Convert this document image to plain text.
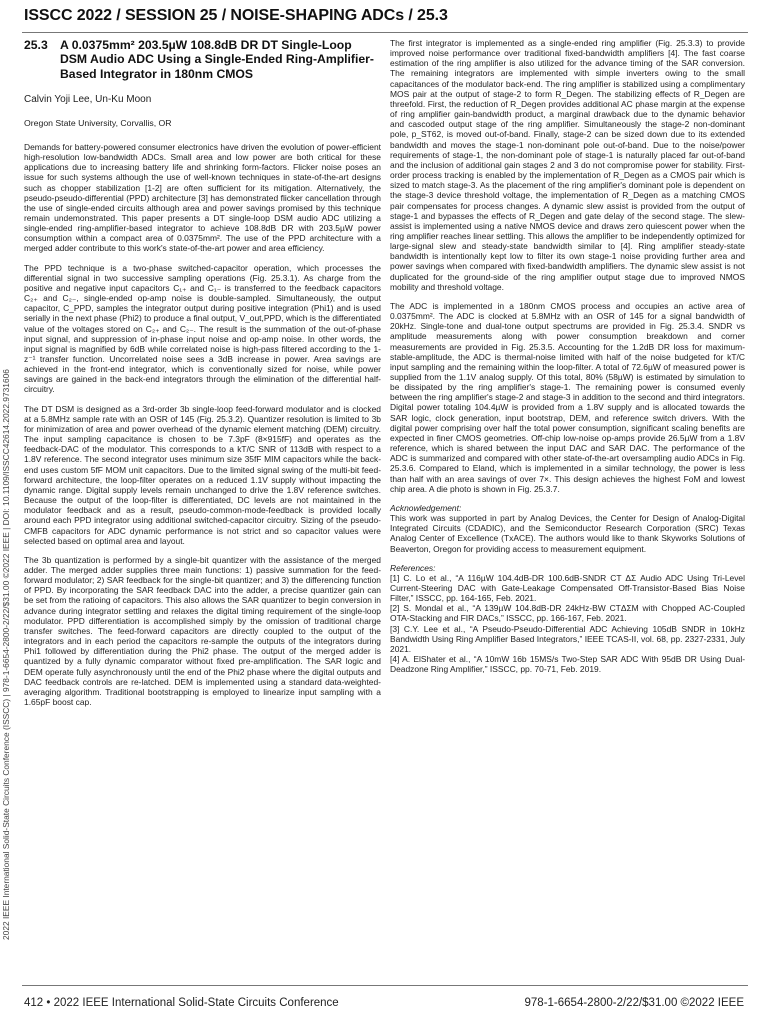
ISSCC 2022 / SESSION 25 / NOISE-SHAPING ADCs / 25.3
2022 IEEE International Solid-State Circuits Conference (ISSCC) | 978-1-6654-2800-2/22/$31.00 ©2022 IEEE | DOI: 10.1109/ISSCC42614.2022.9731606
25.3	A 0.0375mm² 203.5µW 108.8dB DR DT Single-Loop DSM Audio ADC Using a Single-Ended Ring-Amplifier-Based Integrator in 180nm CMOS
Calvin Yoji Lee, Un-Ku Moon
Oregon State University, Corvallis, OR

Demands for battery-powered consumer electronics have driven the evolution of power-efficient high-resolution low-bandwidth ADCs. Small area and low power are both critical for these applications due to increasing battery life and shrinking form-factors. Flicker noise poses an issue for such systems although the use of well-known techniques in state-of-the-art designs such as chopper stabilization [1-2] are often sufficient for its mitigation. Alternatively, the pseudo-pseudo-differential (PPD) architecture [3] has demonstrated flicker cancellation through the use of single-ended circuits although area and power savings promised by this technique remain undemonstrated. This paper presents a DT single-loop DSM audio ADC utilizing a single-ended ring-amplifier-based integrator to achieve 108.8dB DR with 203.5µW power consumption within a compact area of 0.0375mm². The use of the PPD architecture with a merged adder contribute to this work's state-of-the-art power and area efficiency.

The PPD technique is a two-phase switched-capacitor operation, which processes the differential signal in two successive sampling operations (Fig. 25.3.1). As charge from the positive and negative input capacitors C₁₊ and C₁₋ is transferred to the feedback capacitors C₂₊ and C₂₋, single-ended op-amp noise is double-sampled. Simultaneously, the output capacitor, C_PPD, samples the integrator output during positive integration (Phi1) and is used serially in the next phase (Phi2) to produce a final output, V_out,PPD, which is the differentiated value of the voltages stored on C₂₊ and C₂₋. The result is the summation of the out-of-phase input signal, and suppression of in-phase input noise and op-amp noise. In other words, the input signal is magnified by 6dB while correlated noise is high-pass filtered according to the 1-z⁻¹ transfer function. Uncorrelated noise sees a 3dB increase in power. Area savings are achieved in the front-end integrator, which is conventionally sized for noise, while power savings are gained in the back-end integrators through the elimination of the differential half-circuitry.

The DT DSM is designed as a 3rd-order 3b single-loop feed-forward modulator and is clocked at a 5.8MHz sample rate with an OSR of 145 (Fig. 25.3.2). Quantizer resolution is limited to 3b for minimization of area and power overhead of the dynamic element matching (DEM) circuitry. The input sampling capacitance is chosen to be 7.3pF (8×915fF) and operates as the feedback-DAC of the modulator. This corresponds to a kT/C SNR of 113dB with respect to a 1.8V reference. The second integrator uses minimum size 35fF MIM capacitors while the back-end uses custom 5fF MOM unit capacitors. Due to the limited signal swing of the multi-bit feed-forward architecture, the loop-filter operates on a reduced 1.1V supply without impacting the dynamic range. Digital supply levels remain unchanged to drive the 1.8V reference switches. Because the output of the loop-filter is differentiated, DC levels are not maintained in the modulator feedback and as a result, pseudo-common-mode-feedback is provided locally around each PPD integrator using additional switched-capacitor circuitry. Sizing of the pseudo-CMFB capacitors for ADC dynamic performance is not strict and so capacitor values were selected based on optimal area and layout.

The 3b quantization is performed by a single-bit quantizer with the assistance of the merged adder. The merged adder supplies three main functions: 1) passive summation for the feed-forward modulator; 2) SAR feedback for the single-bit quantizer; and 3) the differencing function of PPD. By incorporating the SAR feedback DAC into the adder, a precise quantizer gain can be set from the ratioing of capacitors. This also allows the SAR quantizer to begin conversion in advance during integrator settling and relaxes the digital timing requirement of the single-loop modulator. PPD differentiation is accomplished simply by the omission of traditional charge transfer switches. The feed-forward capacitors are directly coupled to the output of the integrators and in each period the capacitors re-sample the outputs of the integrators during Phi1 followed by differentiation during the Phi2 phase. The output of the merged adder is quantized by a fully dynamic comparator without fixed pre-amplification. The SAR logic and DEM operate fully asynchronously until the end of the Phi2 phase where the digital outputs and DAC feedback controls are re-latched. DEM is implemented using a standard data-weighted-averaging algorithm. Traditional bootstrapping is employed to linearize input sampling with a 1.65pF boost cap.

The first integrator is implemented as a single-ended ring amplifier (Fig. 25.3.3) to provide improved noise performance over traditional fixed-bandwidth amplifiers [4]. The fast coarse estimation of the ring amplifier is also utilized for the advance timing of the SAR conversion. The remaining integrators are implemented with simple inverters owing to the small capacitances of the modulator back-end. The ring amplifier is stabilized using a complimentary MOS pair at the output of stage-2 to form R_Degen. The stabilizing effects of R_Degen are threefold. First, the reduction of R_Degen provides additional AC phase margin at the expense of ring amplifier gain-bandwidth product, a marginal drawback due to the dynamic behavior and cascoded output stage of the ring amplifier. Simultaneously the stage-2 non-dominant pole, p_ST62, is moved out-of-band. Finally, stage-2 can be sized down due to its extended bandwidth and moves the stage-1 non-dominant pole out-of-band. Due to the noise/power requirements of stage-1, the non-dominant pole of stage-1 is naturally placed far out-of-band and the inclusion of additional gain stages 2 and 3 do not compromise power for stability. First-order process tracking is enabled by the implementation of R_Degen as a CMOS pair which is sized to match stage-3. As the placement of the ring amplifier's dominant pole is dependent on the stage-3 device threshold voltage, the implementation of R_Degen as a matching CMOS pair compensates for process changes. A dynamic slew assist is provided from the output of stage-1 and bypasses the effects of R_Degen and gate delay of the second stage. The slew-assist is implemented using a native NMOS device and draws zero quiescent power when the ring amplifier reaches linear settling. This allows the amplifier to be independently optimized for large-signal slew and steady-state bandwidth similar to [4]. Ring amplifier steady-state bandwidth is intentionally kept low to filter its own stage-1 noise providing further area and power savings when compared with fixed-bandwidth amplifiers. The dynamic slew assist is not duplicated for the ground-side of the ring amplifier output stage due to improved NMOS mobility and threshold voltage.

The ADC is implemented in a 180nm CMOS process and occupies an active area of 0.0375mm². The ADC is clocked at 5.8MHz with an OSR of 145 for a signal bandwidth of 20kHz. Single-tone and dual-tone output spectrums are provided in Fig. 25.3.4. SNDR vs amplitude measurements along with power consumption breakdown and corner measurements are provided in Fig. 25.3.5. Accounting for the 1.2dB DR loss for maximum-stable-amplitude, the ADC is thermal-noise limited with half of the noise budgeted for kT/C input sampling and the remaining within the loop-filter. A total of 72.6µW of measured power is supplied from the 1.1V analog supply. Of this total, 80% (58µW) is estimated by simulation to be dissipated by the ring amplifier's stage-1. The remaining power is consumed evenly between the ring amplifier's stage-2 and stage-3 in addition to the second and third integrators. Digital power totaling 104.4µW is provided from a 1.8V supply and is allocated towards the SAR logic, clock generation, input bootstrap, DEM, and reference switch drivers. With the digital power comprising over half the total power consumption, significant scaling benefits are expected in finer CMOS geometries. Off-chip low-noise op-amps provide 26.5µW from a 1.8V reference, which is shared between the input DAC and SAR DAC. The performance of the ADC is summarized and compared with other state-of-the-art oversampling audio ADCs in Fig. 25.3.6. Compared to Eland, which is implemented in a similar technology, the power is less than half with an area savings of over 7×. This design achieves the highest FoM and lowest chip area. A die photo is shown in Fig. 25.3.7.

Acknowledgement:

This work was supported in part by Analog Devices, the Center for Design of Analog-Digital Integrated Circuits (CDADIC), and the Semiconductor Research Corporation (SRC) Texas Analog Center of Excellence (TxACE). The authors would like to thank Skyworks Solutions of Beaverton, Oregon for providing access to measurement equipment.

References:
[1] C. Lo et al., “A 116µW 104.4dB-DR 100.6dB-SNDR CT ΔΣ Audio ADC Using Tri-Level Current-Steering DAC with Gate-Leakage Compensated Off-Transistor-Based Bias Noise Filter,” ISSCC, pp. 164-165, Feb. 2021.
[2] S. Mondal et al., “A 139µW 104.8dB-DR 24kHz-BW CTΔΣM with Chopped AC-Coupled OTA-Stacking and FIR DACs,” ISSCC, pp. 166-167, Feb. 2021.
[3] C.Y. Lee et al., “A Pseudo-Pseudo-Differential ADC Achieving 105dB SNDR in 10kHz Bandwidth Using Ring Amplifier Based Integrators,” IEEE TCAS-II, vol. 68, pp. 2327-2331, July 2021.
[4] A. ElShater et al., “A 10mW 16b 15MS/s Two-Step SAR ADC With 95dB DR Using Dual-Deadzone Ring Amplifier,” ISSCC, pp. 70-71, Feb. 2019.
412 • 2022 IEEE International Solid-State Circuits Conference	978-1-6654-2800-2/22/$31.00 ©2022 IEEE
